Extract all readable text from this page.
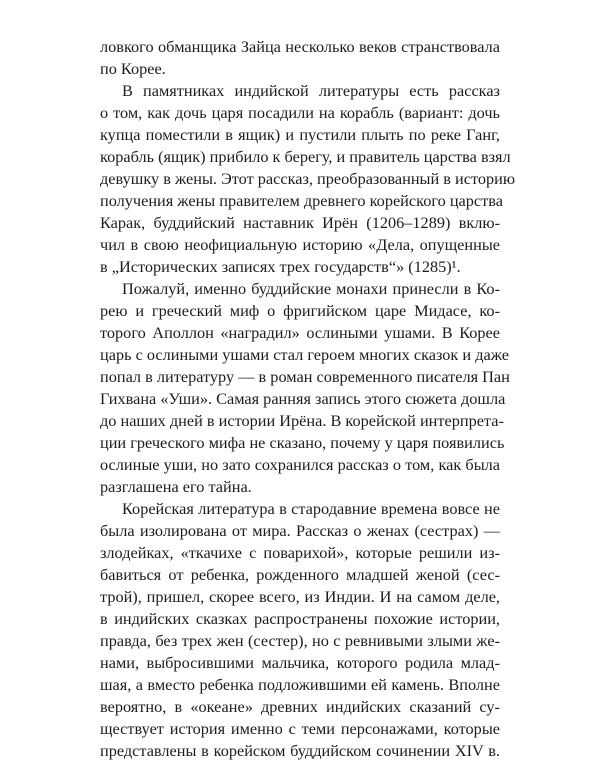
ловкого обманщика Зайца несколько веков странствовала
по Корее.
В памятниках индийской литературы есть рассказ
о том, как дочь царя посадили на корабль (вариант: дочь
купца поместили в ящик) и пустили плыть по реке Ганг,
корабль (ящик) прибило к берегу, и правитель царства взял
девушку в жены. Этот рассказ, преобразованный в историю
получения жены правителем древнего корейского царства
Карак, буддийский наставник Ирён (1206–1289) вклю-
чил в свою неофициальную историю «Дела, опущенные
в „Исторических записях трех государств“» (1285)¹.
Пожалуй, именно буддийские монахи принесли в Ко-
рею и греческий миф о фригийском царе Мидасе, ко-
торого Аполлон «наградил» ослиными ушами. В Корее
царь с ослиными ушами стал героем многих сказок и даже
попал в литературу — в роман современного писателя Пан
Гихвана «Уши». Самая ранняя запись этого сюжета дошла
до наших дней в истории Ирёна. В корейской интерпрета-
ции греческого мифа не сказано, почему у царя появились
ослиные уши, но зато сохранился рассказ о том, как была
разглашена его тайна.
Корейская литература в стародавние времена вовсе не
была изолирована от мира. Рассказ о женах (сестрах) —
злодейках, «ткачихе с поварихой», которые решили из-
бавиться от ребенка, рожденного младшей женой (сес-
трой), пришел, скорее всего, из Индии. И на самом деле,
в индийских сказках распространены похожие истории,
правда, без трех жен (сестер), но с ревнивыми злыми же-
нами, выбросившими мальчика, которого родила млад-
шая, а вместо ребенка подложившими ей камень. Вполне
вероятно, в «океане» древних индийских сказаний су-
ществует история именно с теми персонажами, которые
представлены в корейском буддийском сочинении XIV в.
